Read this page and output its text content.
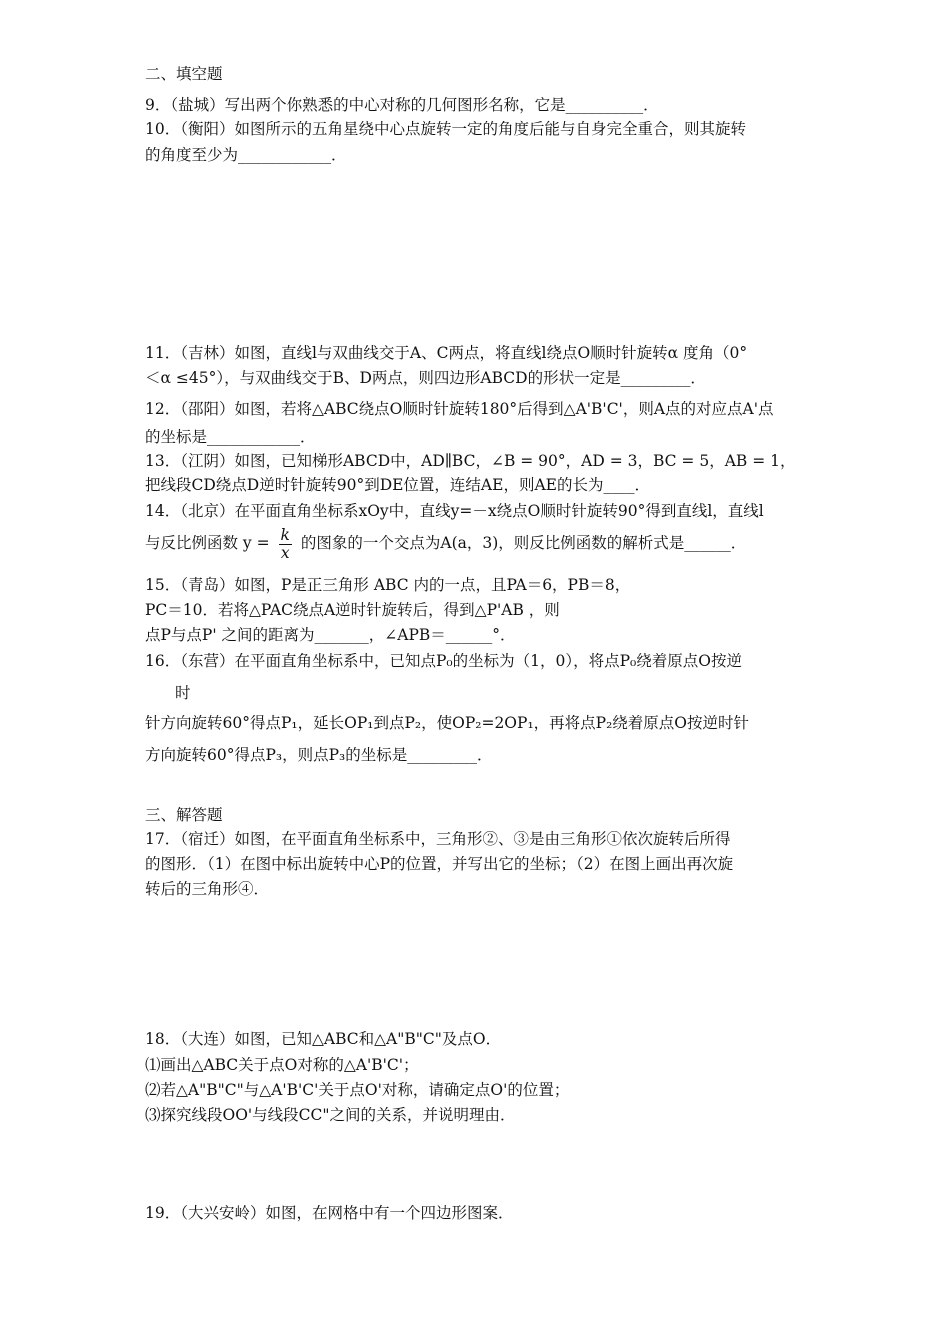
二、填空题
9．（盐城）写出两个你熟悉的中心对称的几何图形名称，它是__________．
10．（衡阳）如图所示的五角星绕中心点旋转一定的角度后能与自身完全重合，则其旋转
的角度至少为____________．
11．（吉林）如图，直线l与双曲线交于A、C两点，将直线l绕点O顺时针旋转α 度角（0°
＜α ≤45°），与双曲线交于B、D两点，则四边形ABCD的形状一定是_________．
12．（邵阳）如图，若将△ABC绕点O顺时针旋转180°后得到△A'B'C'，则A点的对应点A'点
的坐标是____________．
13．（江阴）如图，已知梯形ABCD中，AD∥BC，∠B = 90°，AD = 3，BC = 5，AB = 1，
把线段CD绕点D逆时针旋转90°到DE位置，连结AE，则AE的长为____．
14．（北京）在平面直角坐标系xOy中，直线y=－x绕点O顺时针旋转90°得到直线l，直线l
与反比例函数 $y = \frac{k}{x}$ 的图象的一个交点为A(a，3)，则反比例函数的解析式是______．
15．（青岛）如图，P是正三角形 ABC 内的一点，且PA＝6，PB＝8，
PC＝10．若将△PAC绕点A逆时针旋转后，得到△P'AB ，则
点P与点P' 之间的距离为_______，∠APB＝______°．
16．（东营）在平面直角坐标系中，已知点P₀的坐标为（1，0），将点P₀绕着原点O按逆
时
针方向旋转60°得点P₁，延长OP₁到点P₂，使OP₂=2OP₁，再将点P₂绕着原点O按逆时针
方向旋转60°得点P₃，则点P₃的坐标是_________．
三、解答题
17．（宿迁）如图，在平面直角坐标系中，三角形②、③是由三角形①依次旋转后所得
的图形．（1）在图中标出旋转中心P的位置，并写出它的坐标；（2）在图上画出再次旋
转后的三角形④．
18．（大连）如图，已知△ABC和△A"B"C"及点O．
⑴画出△ABC关于点O对称的△A'B'C'；
⑵若△A"B"C"与△A'B'C'关于点O'对称，请确定点O'的位置；
⑶探究线段OO'与线段CC"之间的关系，并说明理由．
19．（大兴安岭）如图，在网格中有一个四边形图案．
